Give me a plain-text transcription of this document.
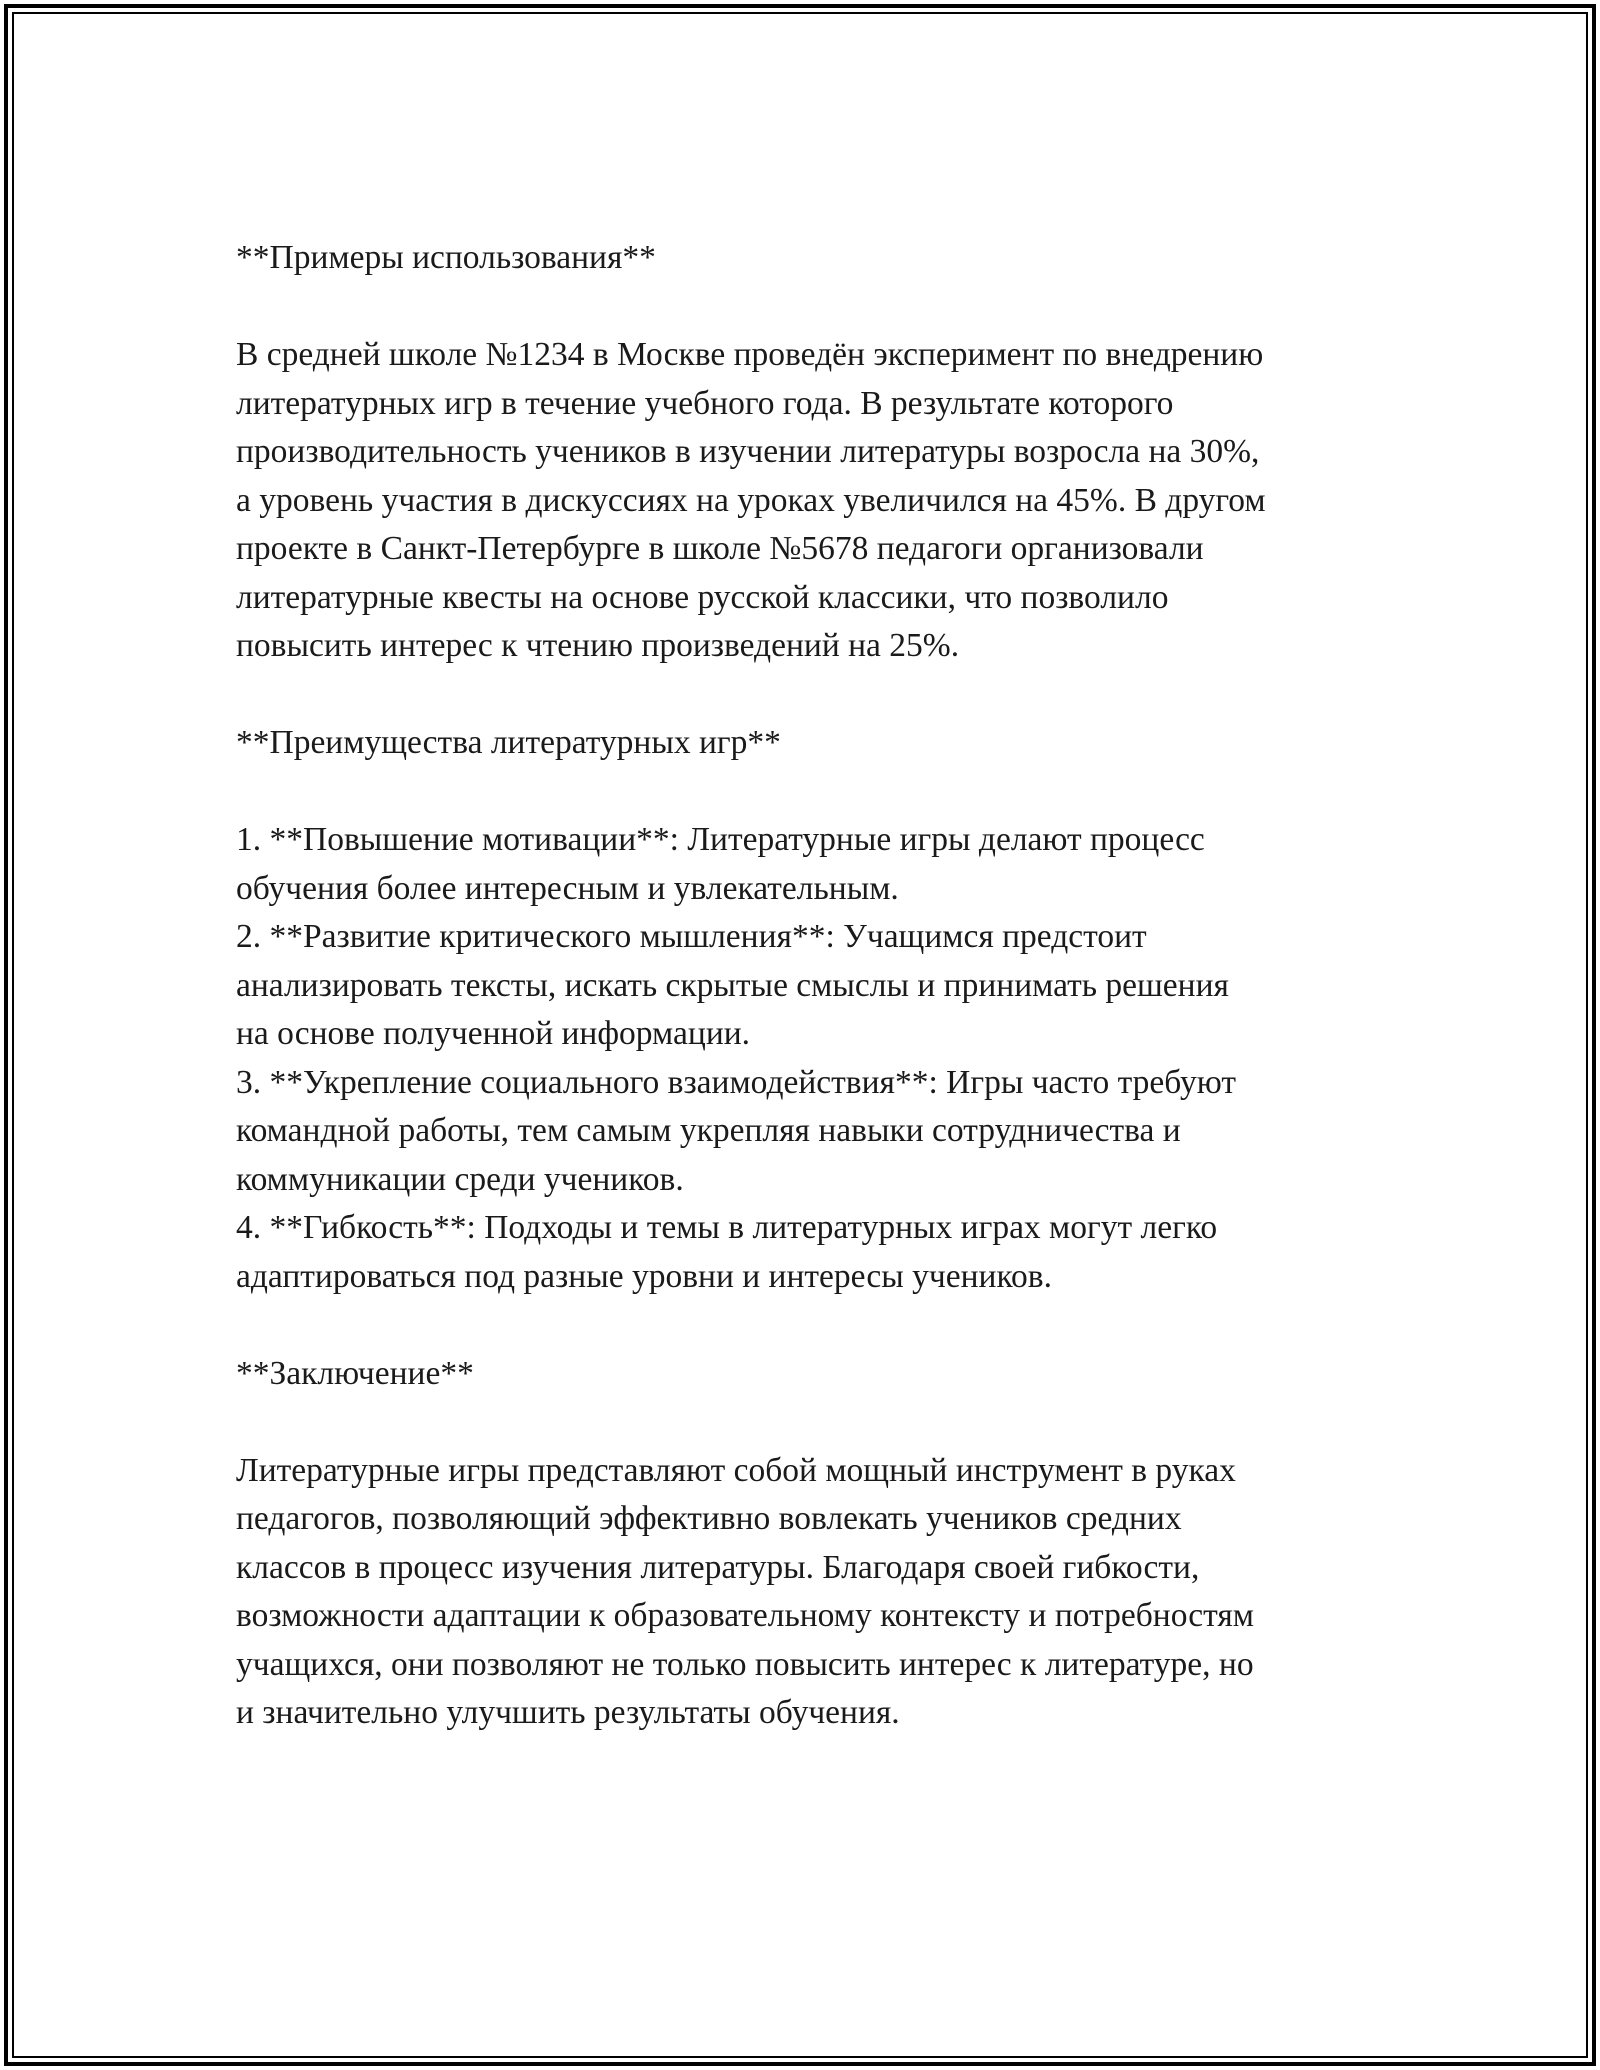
**Примеры использования**

В средней школе №1234 в Москве проведён эксперимент по внедрению
литературных игр в течение учебного года. В результате которого
производительность учеников в изучении литературы возросла на 30%,
а уровень участия в дискуссиях на уроках увеличился на 45%. В другом
проекте в Санкт-Петербурге в школе №5678 педагоги организовали
литературные квесты на основе русской классики, что позволило
повысить интерес к чтению произведений на 25%.

**Преимущества литературных игр**

1. **Повышение мотивации**: Литературные игры делают процесс
обучения более интересным и увлекательным.

2. **Развитие критического мышления**: Учащимся предстоит
анализировать тексты, искать скрытые смыслы и принимать решения
на основе полученной информации.

3. **Укрепление социального взаимодействия**: Игры часто требуют
командной работы, тем самым укрепляя навыки сотрудничества и
коммуникации среди учеников.

4. **Гибкость**: Подходы и темы в литературных играх могут легко
адаптироваться под разные уровни и интересы учеников.

**Заключение**

Литературные игры представляют собой мощный инструмент в руках
педагогов, позволяющий эффективно вовлекать учеников средних
классов в процесс изучения литературы. Благодаря своей гибкости,
возможности адаптации к образовательному контексту и потребностям
учащихся, они позволяют не только повысить интерес к литературе, но
и значительно улучшить результаты обучения.
